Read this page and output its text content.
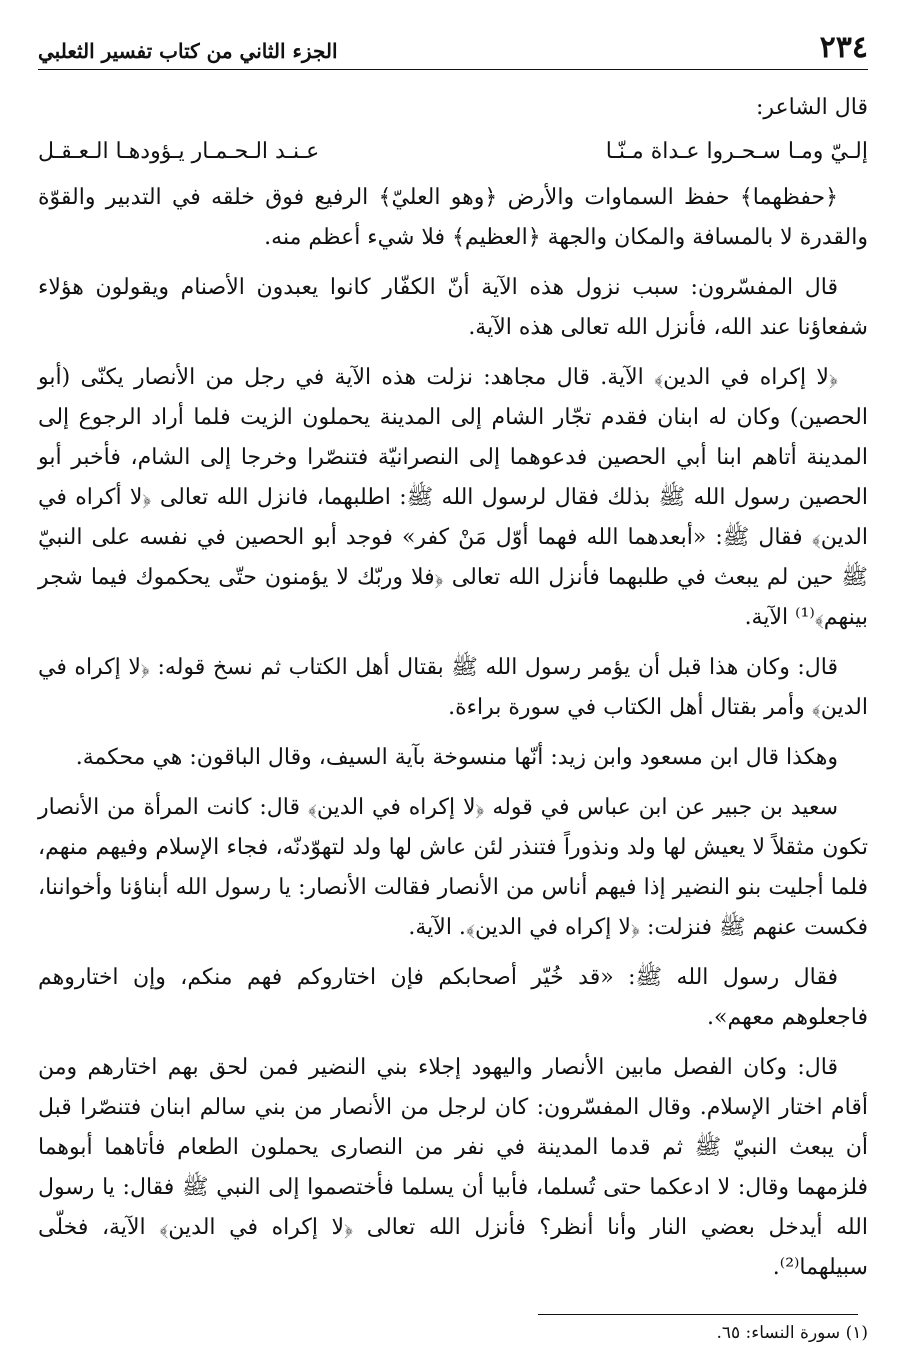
٢٣٤
الجزء الثاني من كتاب تفسير الثعلبي

قال الشاعر:

إلـيّ ومـا سـحـروا عـداة مـنّـا
عـنـد الـحـمـار يـؤودهـا الـعـقـل

﴿حفظهما﴾ حفظ السماوات والأرض ﴿وهو العليّ﴾ الرفيع فوق خلقه في التدبير والقوّة والقدرة لا بالمسافة والمكان والجهة ﴿العظيم﴾ فلا شيء أعظم منه.

قال المفسّرون: سبب نزول هذه الآية أنّ الكفّار كانوا يعبدون الأصنام ويقولون هؤلاء شفعاؤنا عند الله، فأنزل الله تعالى هذه الآية.

﴿لا إكراه في الدين﴾ الآية. قال مجاهد: نزلت هذه الآية في رجل من الأنصار يكنّى (أبو الحصين) وكان له ابنان فقدم تجّار الشام إلى المدينة يحملون الزيت فلما أراد الرجوع إلى المدينة أتاهم ابنا أبي الحصين فدعوهما إلى النصرانيّة فتنصّرا وخرجا إلى الشام، فأخبر أبو الحصين رسول الله ﷺ بذلك فقال لرسول الله ﷺ: اطلبهما، فانزل الله تعالى ﴿لا أكراه في الدين﴾ فقال ﷺ: «أبعدهما الله فهما أوّل مَنْ كفر» فوجد أبو الحصين في نفسه على النبيّ ﷺ حين لم يبعث في طلبهما فأنزل الله تعالى ﴿فلا وربّك لا يؤمنون حتّى يحكموك فيما شجر بينهم﴾⁽¹⁾ الآية.

قال: وكان هذا قبل أن يؤمر رسول الله ﷺ بقتال أهل الكتاب ثم نسخ قوله: ﴿لا إكراه في الدين﴾ وأمر بقتال أهل الكتاب في سورة براءة.

وهكذا قال ابن مسعود وابن زيد: أنّها منسوخة بآية السيف، وقال الباقون: هي محكمة.

سعيد بن جبير عن ابن عباس في قوله ﴿لا إكراه في الدين﴾ قال: كانت المرأة من الأنصار تكون مثقلاً لا يعيش لها ولد ونذوراً فتنذر لئن عاش لها ولد لتهوّدنّه، فجاء الإسلام وفيهم منهم، فلما أجليت بنو النضير إذا فيهم أناس من الأنصار فقالت الأنصار: يا رسول الله أبناؤنا وأخواننا، فكست عنهم ﷺ فنزلت: ﴿لا إكراه في الدين﴾. الآية.

فقال رسول الله ﷺ: «قد خُيّر أصحابكم فإن اختاروكم فهم منكم، وإن اختاروهم فاجعلوهم معهم».

قال: وكان الفصل مابين الأنصار واليهود إجلاء بني النضير فمن لحق بهم اختارهم ومن أقام اختار الإسلام. وقال المفسّرون: كان لرجل من الأنصار من بني سالم ابنان فتنصّرا قبل أن يبعث النبيّ ﷺ ثم قدما المدينة في نفر من النصارى يحملون الطعام فأتاهما أبوهما فلزمهما وقال: لا ادعكما حتى تُسلما، فأبيا أن يسلما فأختصموا إلى النبي ﷺ فقال: يا رسول الله أيدخل بعضي النار وأنا أنظر؟ فأنزل الله تعالى ﴿لا إكراه في الدين﴾ الآية، فخلّى سبيلهما⁽²⁾.

(١) سورة النساء: ٦٥.
